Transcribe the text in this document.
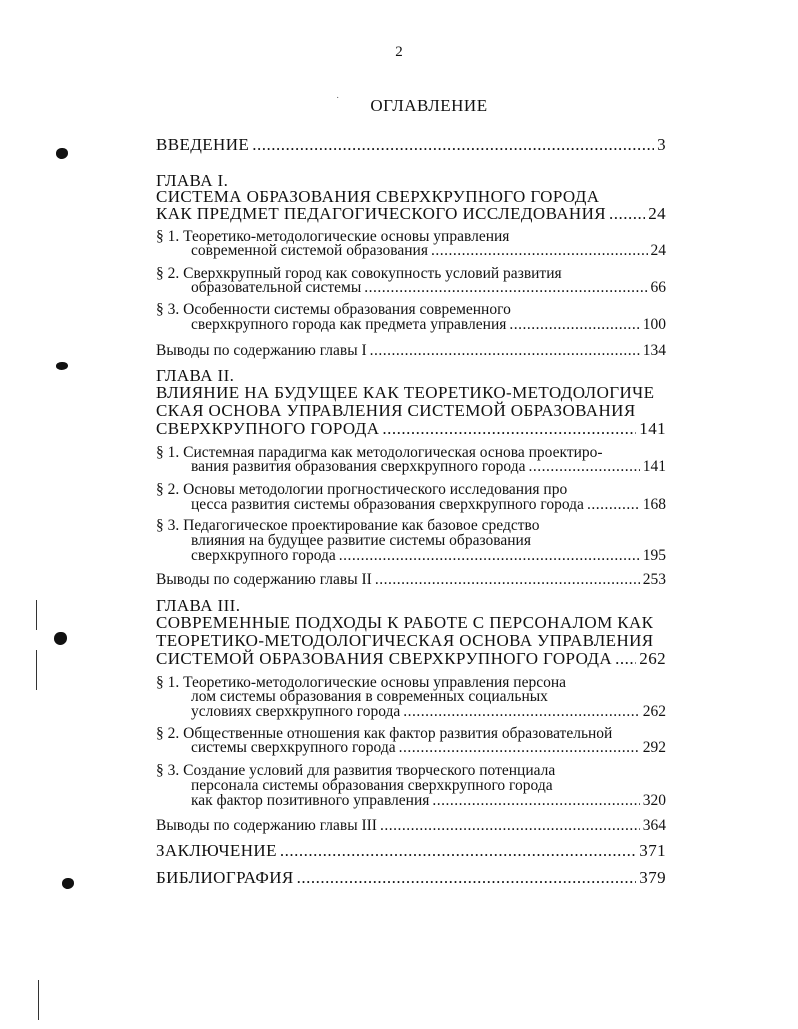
2
˙	ОГЛАВЛЕНИЕ
ВВЕДЕНИЕ .....	3
ГЛАВА I.
СИСТЕМА ОБРАЗОВАНИЯ СВЕРХКРУПНОГО ГОРОДА
КАК ПРЕДМЕТ ПЕДАГОГИЧЕСКОГО ИССЛЕДОВАНИЯ ..... 24
§ 1. Теоретико-методологические основы управления
современной системой образования .....	24
§ 2. Сверхкрупный город как совокупность условий развития
образовательной системы .....	66
§ 3. Особенности системы образования современного
сверхкрупного города как предмета управления .....	100
Выводы по содержанию главы I .....	134
ГЛАВА II.
ВЛИЯНИЕ НА БУДУЩЕЕ КАК ТЕОРЕТИКО-МЕТОДОЛОГИЧЕ
СКАЯ ОСНОВА УПРАВЛЕНИЯ СИСТЕМОЙ ОБРАЗОВАНИЯ
СВЕРХКРУПНОГО ГОРОДА .....	141
§ 1. Системная парадигма как методологическая основа проектиро-
вания развития образования сверхкрупного города .....	141
§ 2. Основы методологии прогностического исследования про
цесса развития системы образования сверхкрупного города .....	168
§ 3. Педагогическое проектирование как базовое средство
влияния на будущее развитие системы образования
сверхкрупного города .....	195
Выводы по содержанию главы II .....	253
ГЛАВА III.
СОВРЕМЕННЫЕ ПОДХОДЫ К РАБОТЕ С ПЕРСОНАЛОМ КАК
ТЕОРЕТИКО-МЕТОДОЛОГИЧЕСКАЯ ОСНОВА УПРАВЛЕНИЯ
СИСТЕМОЙ ОБРАЗОВАНИЯ СВЕРХКРУПНОГО ГОРОДА ..... 262
§ 1. Теоретико-методологические основы управления персона
лом системы образования в современных социальных
условиях сверхкрупного города .....	262
§ 2. Общественные отношения как фактор развития образовательной
системы сверхкрупного города .....	292
§ 3. Создание условий для развития творческого потенциала
персонала системы образования сверхкрупного города
как фактор позитивного управления .....	320
Выводы по содержанию главы III .....	364
ЗАКЛЮЧЕНИЕ .....	371
БИБЛИОГРАФИЯ .....	379
